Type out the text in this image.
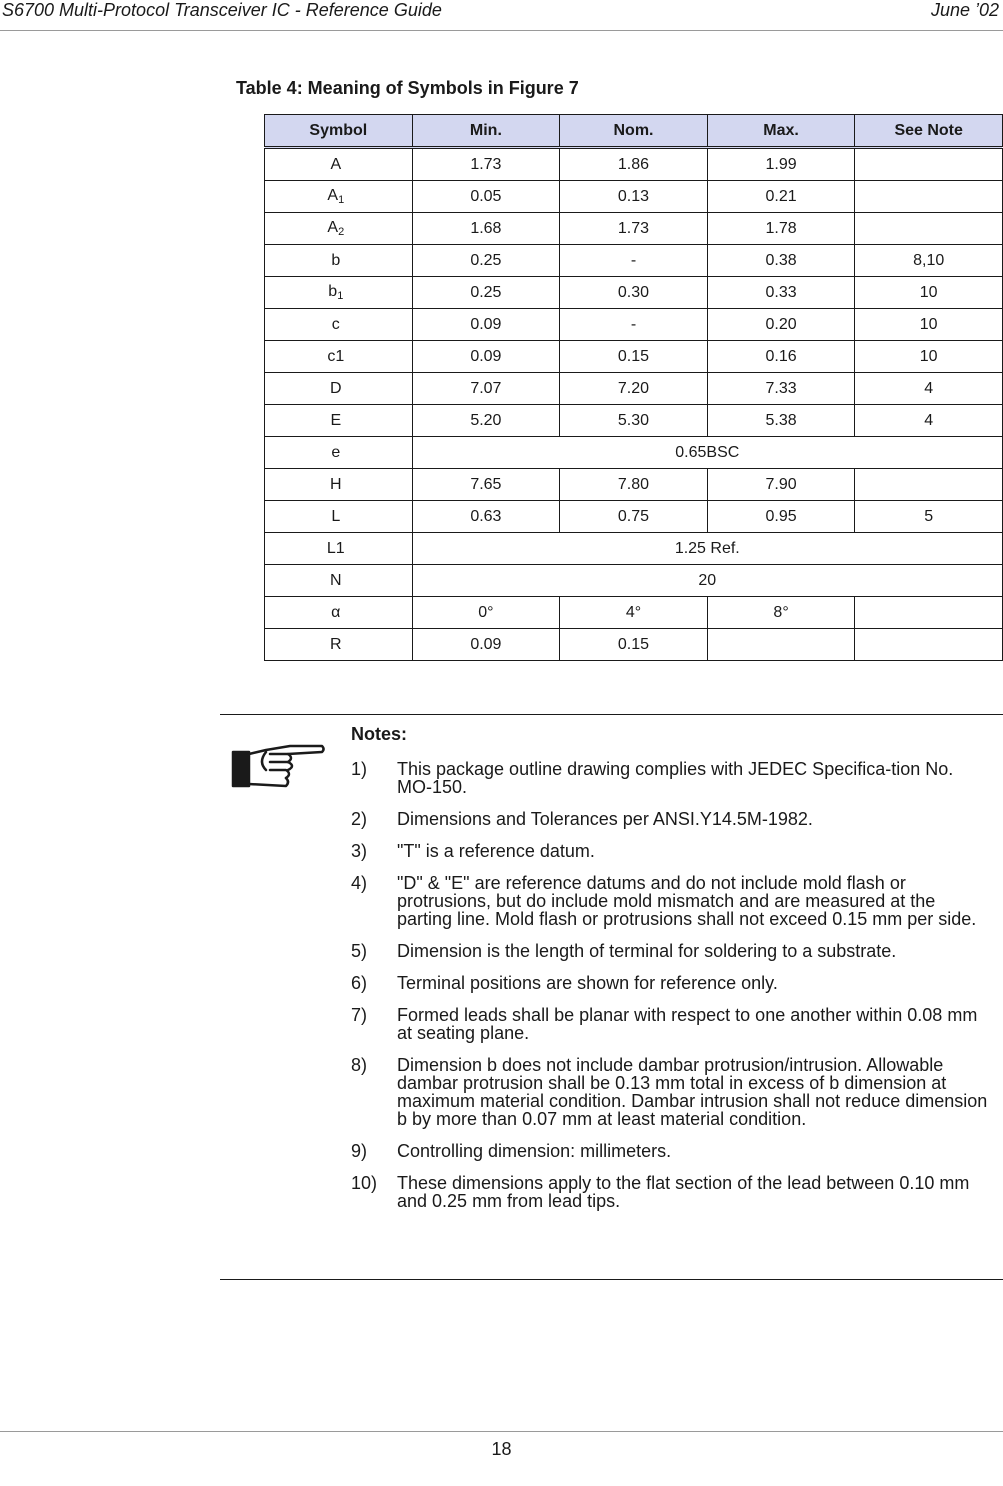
S6700 Multi-Protocol Transceiver IC - Reference Guide	June ’02
Table 4: Meaning of Symbols in Figure 7
Symbol	Min.	Nom.	Max.	See Note
A	1.73	1.86	1.99	
$A_1$	0.05	0.13	0.21	
$A_2$	1.68	1.73	1.78	
b	0.25	-	0.38	8,10
$b_1$	0.25	0.30	0.33	10
c	0.09	-	0.20	10
c1	0.09	0.15	0.16	10
D	7.07	7.20	7.33	4
E	5.20	5.30	5.38	4
e	0.65BSC			
H	7.65	7.80	7.90	
L	0.63	0.75	0.95	5
L1	1.25 Ref.			
N	20			
α	0°	4°	8°	
R	0.09	0.15		
Notes:
1)	This package outline drawing complies with JEDEC Specifica-tion No. MO-150.
2)	Dimensions and Tolerances per ANSI.Y14.5M-1982.
3)	"T" is a reference datum.
4)	"D" & "E" are reference datums and do not include mold flash or protrusions, but do include mold mismatch and are measured at the parting line. Mold flash or protrusions shall not exceed 0.15 mm per side.
5)	Dimension is the length of terminal for soldering to a substrate.
6)	Terminal positions are shown for reference only.
7)	Formed leads shall be planar with respect to one another within 0.08 mm at seating plane.
8)	Dimension b does not include dambar protrusion/intrusion. Allowable dambar protrusion shall be 0.13 mm total in excess of b dimension at maximum material condition. Dambar intrusion shall not reduce dimension b by more than 0.07 mm at least material condition.
9)	Controlling dimension: millimeters.
10)	These dimensions apply to the flat section of the lead between 0.10 mm and 0.25 mm from lead tips.
18
